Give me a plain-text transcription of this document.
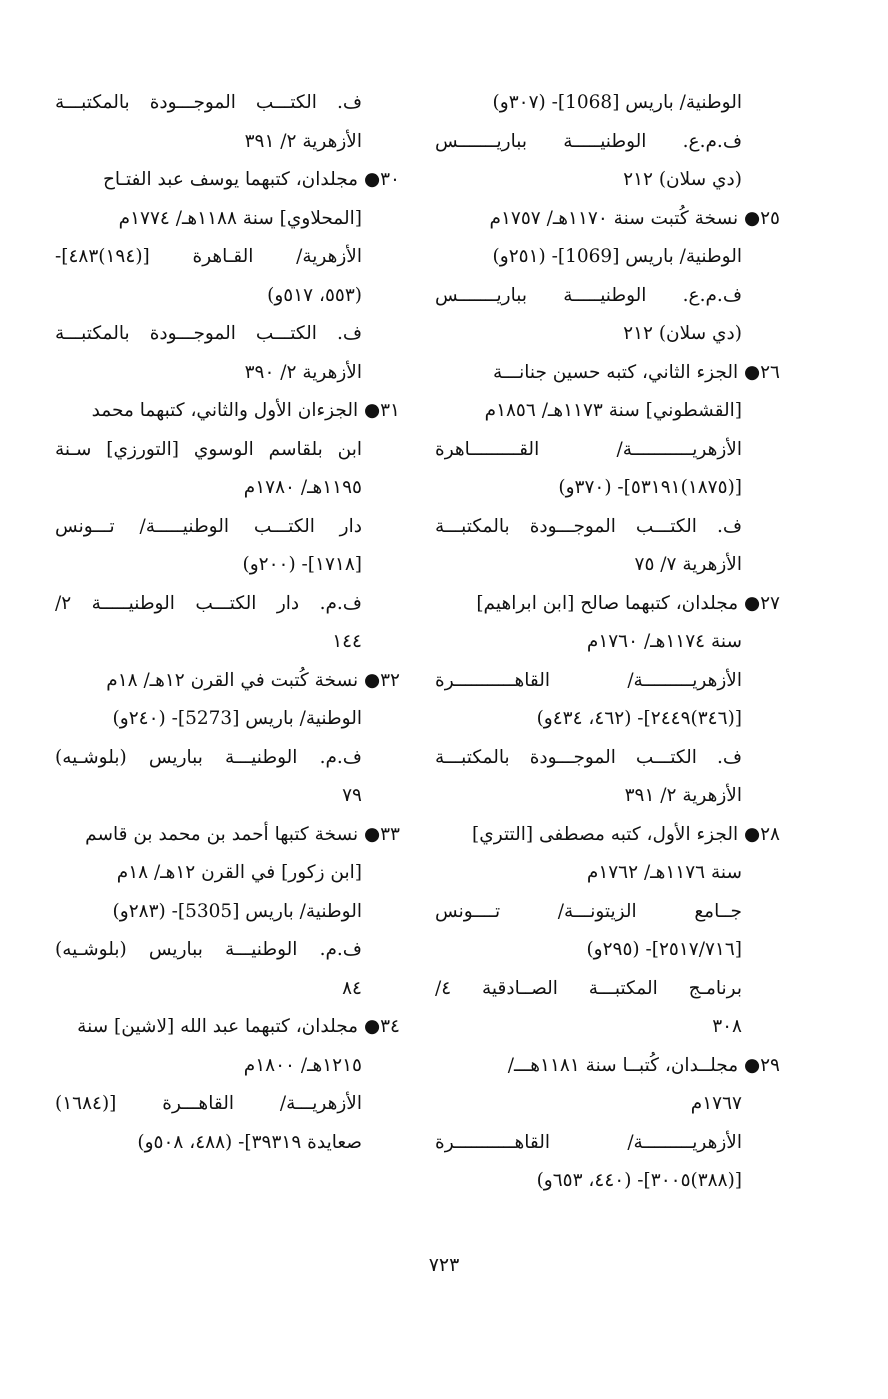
الوطنية/ باريس [1068]- (٣٠٧و)
ف.م.ع. الوطنيـــــة بباريـــــــس
(دي سلان) ٢١٢
٢٥● نسخة كُتبت سنة ١١٧٠هـ/ ١٧٥٧م
الوطنية/ باريس [1069]- (٢٥١و)
ف.م.ع. الوطنيـــــة بباريـــــــس
(دي سلان) ٢١٢
٢٦● الجزء الثاني، كتبه حسين جنانـــة
[القشطوني] سنة ١١٧٣هـ/ ١٨٥٦م
الأزهريـــــــــــة/ القـــــــــاهرة
[(١٨٧٥)٥٣١٩١]- (٣٧٠و)
ف. الكتـــب الموجـــودة بالمكتبـــة
الأزهرية ٧/ ٧٥
٢٧● مجلدان، كتبهما صالح [ابن ابراهيم]
سنة ١١٧٤هـ/ ١٧٦٠م
الأزهريـــــــــة/ القاهـــــــــــرة
[(٣٤٦)٢٤٤٩]- (٤٦٢، ٤٣٤و)
ف. الكتـــب الموجـــودة بالمكتبـــة
الأزهرية ٢/ ٣٩١
٢٨● الجزء الأول، كتبه مصطفى [التتري]
سنة ١١٧٦هـ/ ١٧٦٢م
جــامع الزيتونـــة/ تــــونس
[٢٥١٧/٧١٦]- (٢٩٥و)
برنامـج المكتبـــة الصــادقية ٤/
٣٠٨
٢٩● مجلــدان، كُتبــا سنة ١١٨١هـــ/
١٧٦٧م
الأزهريـــــــــة/ القاهـــــــــــرة
[(٣٨٨)٣٠٠٥]- (٤٤٠، ٦٥٣و)
ف. الكتـــب الموجـــودة بالمكتبـــة
الأزهرية ٢/ ٣٩١
٣٠● مجلدان، كتبهما يوسف عبد الفتـاح
[المحلاوي] سنة ١١٨٨هـ/ ١٧٧٤م
الأزهرية/ القـاهرة [(١٩٤)٤٨٣]-
(٥٥٣، ٥١٧و)
ف. الكتـــب الموجـــودة بالمكتبـــة
الأزهرية ٢/ ٣٩٠
٣١● الجزءان الأول والثاني، كتبهما محمد
ابن بلقاسم الوسوي [التورزي] سـنة
١١٩٥هـ/ ١٧٨٠م
دار الكتـــب الوطنيـــــة/ تـــونس
[١٧١٨]- (٢٠٠و)
ف.م. دار الكتـــب الوطنيـــــة ٢/
١٤٤
٣٢● نسخة كُتبت في القرن ١٢هـ/ ١٨م
الوطنية/ باريس [5273]- (٢٤٠و)
ف.م. الوطنيـــة بباريس (بلوشـيه)
٧٩
٣٣● نسخة كتبها أحمد بن محمد بن قاسم
[ابن زكور] في القرن ١٢هـ/ ١٨م
الوطنية/ باريس [5305]- (٢٨٣و)
ف.م. الوطنيـــة بباريس (بلوشـيه)
٨٤
٣٤● مجلدان، كتبهما عبد الله [لاشين] سنة
١٢١٥هـ/ ١٨٠٠م
الأزهريـــة/ القاهـــرة [(١٦٨٤)
صعايدة ٣٩٣١٩]- (٤٨٨، ٥٠٨و)
٧٢٣
